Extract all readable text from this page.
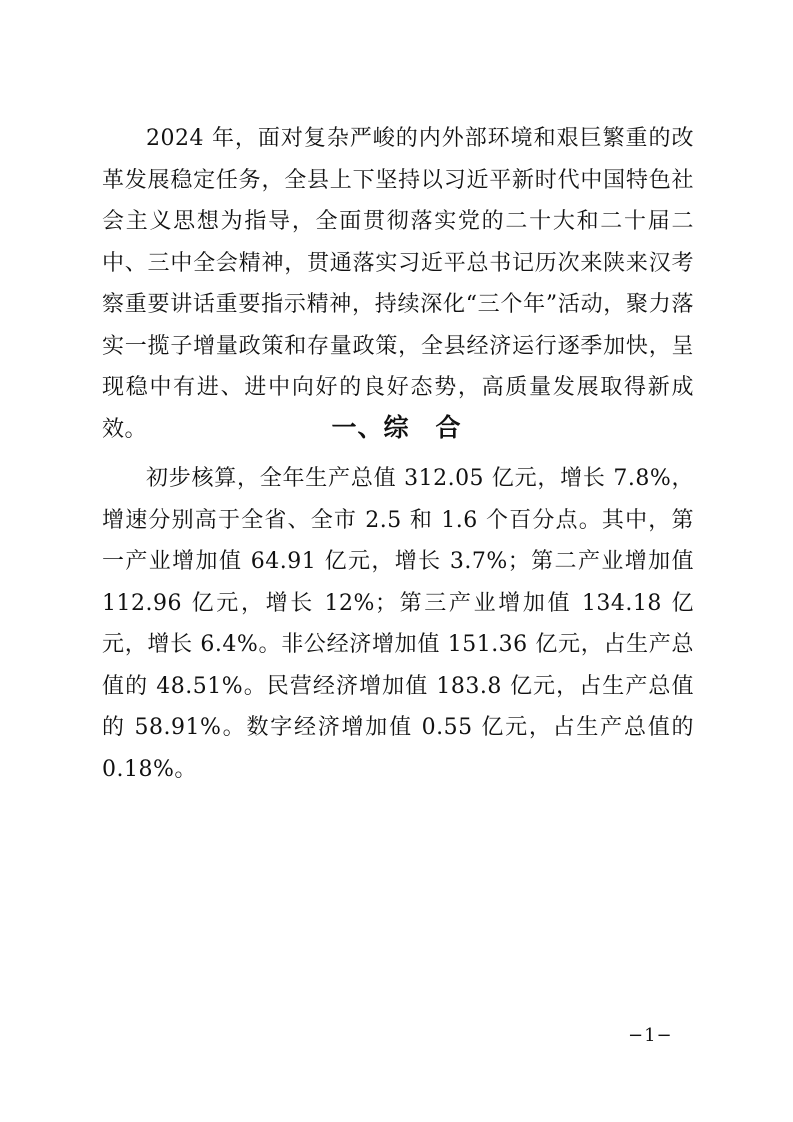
2024 年，面对复杂严峻的内外部环境和艰巨繁重的改革发展稳定任务，全县上下坚持以习近平新时代中国特色社会主义思想为指导，全面贯彻落实党的二十大和二十届二中、三中全会精神，贯通落实习近平总书记历次来陕来汉考察重要讲话重要指示精神，持续深化“三个年”活动，聚力落实一揽子增量政策和存量政策，全县经济运行逐季加快，呈现稳中有进、进中向好的良好态势，高质量发展取得新成效。	一、综　合

初步核算，全年生产总值 312.05 亿元，增长 7.8%，增速分别高于全省、全市 2.5 和 1.6 个百分点。其中，第一产业增加值 64.91 亿元，增长 3.7%；第二产业增加值 112.96 亿元，增长 12%；第三产业增加值 134.18 亿元，增长 6.4%。非公经济增加值 151.36 亿元，占生产总值的 48.51%。民营经济增加值 183.8 亿元，占生产总值的 58.91%。数字经济增加值 0.55 亿元，占生产总值的 0.18%。

−1−
